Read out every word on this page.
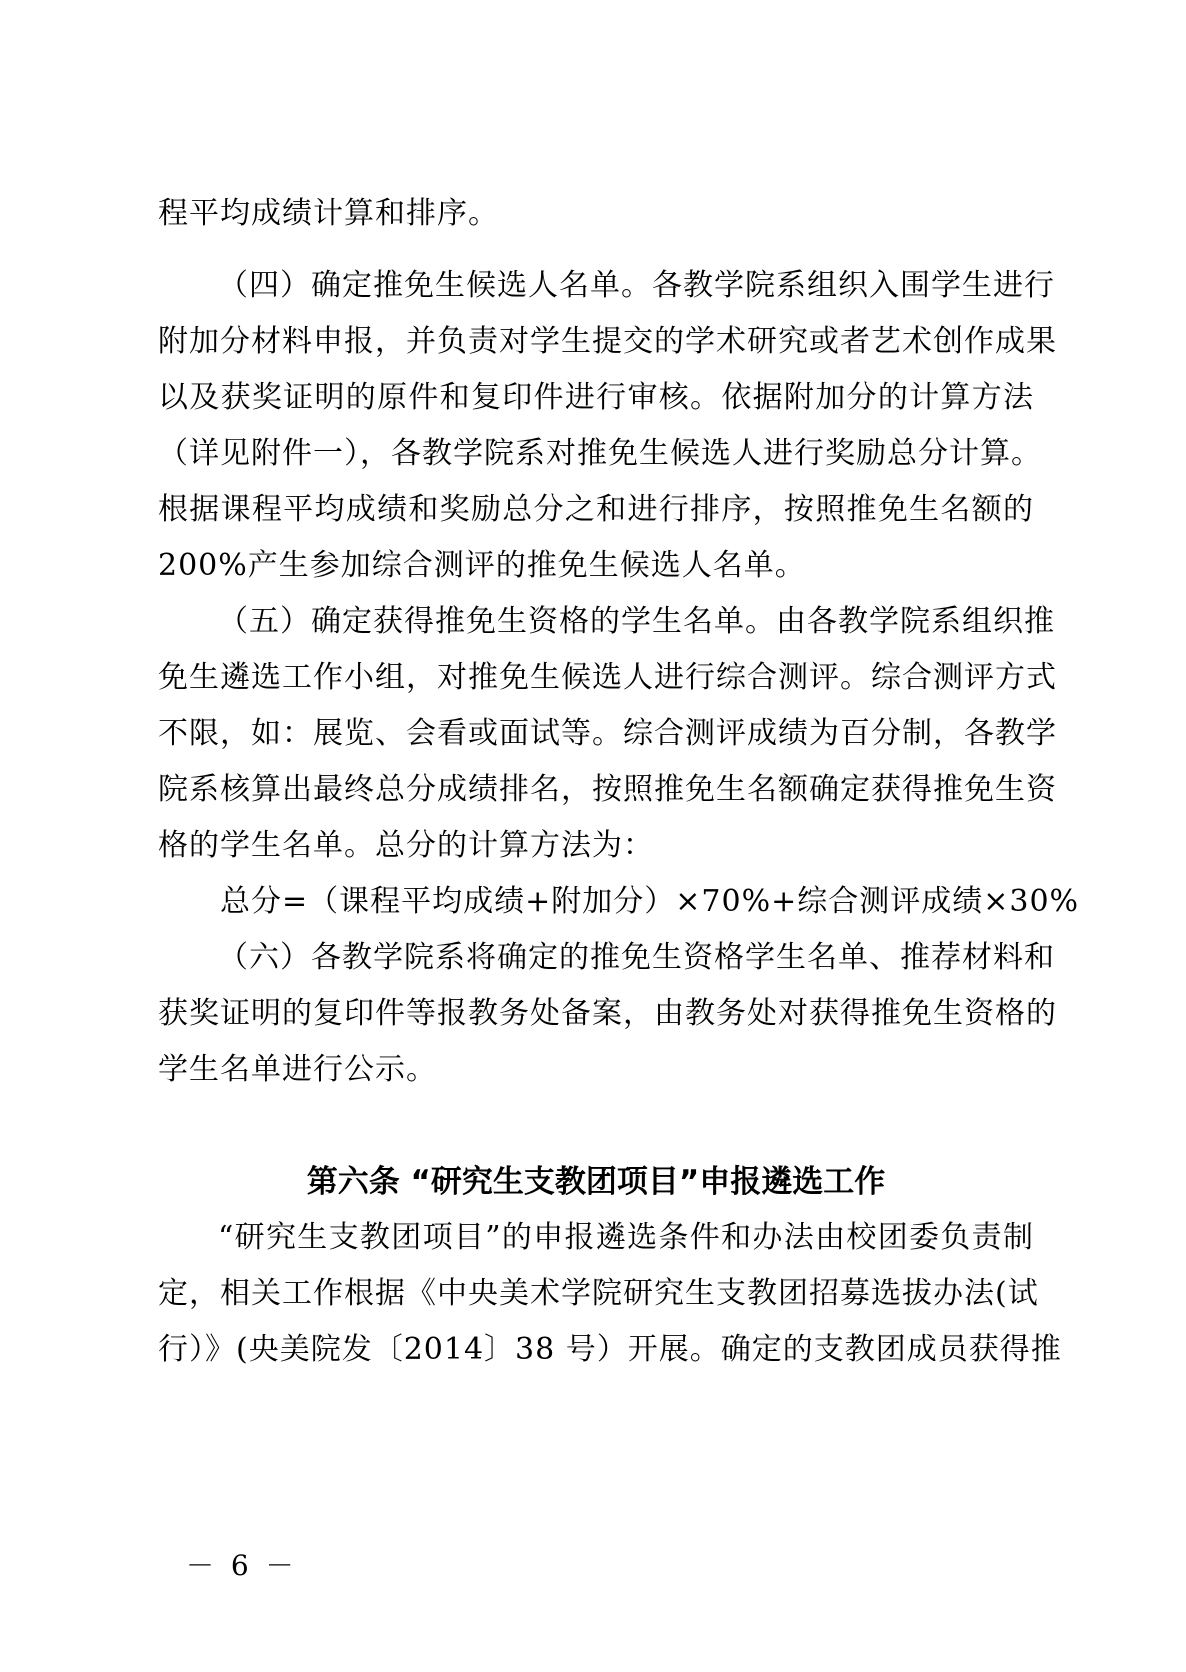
程平均成绩计算和排序。
（四）确定推免生候选人名单。各教学院系组织入围学生进行
附加分材料申报，并负责对学生提交的学术研究或者艺术创作成果
以及获奖证明的原件和复印件进行审核。依据附加分的计算方法
（详见附件一），各教学院系对推免生候选人进行奖励总分计算。
根据课程平均成绩和奖励总分之和进行排序，按照推免生名额的
200%产生参加综合测评的推免生候选人名单。
（五）确定获得推免生资格的学生名单。由各教学院系组织推
免生遴选工作小组，对推免生候选人进行综合测评。综合测评方式
不限，如：展览、会看或面试等。综合测评成绩为百分制，各教学
院系核算出最终总分成绩排名，按照推免生名额确定获得推免生资
格的学生名单。总分的计算方法为：
总分=（课程平均成绩+附加分）×70%+综合测评成绩×30%
（六）各教学院系将确定的推免生资格学生名单、推荐材料和
获奖证明的复印件等报教务处备案，由教务处对获得推免生资格的
学生名单进行公示。
第六条 “研究生支教团项目”申报遴选工作
“研究生支教团项目”的申报遴选条件和办法由校团委负责制
定，相关工作根据《中央美术学院研究生支教团招募选拔办法(试
行）》(央美院发〔2014〕38 号）开展。确定的支教团成员获得推
－ 6 －
